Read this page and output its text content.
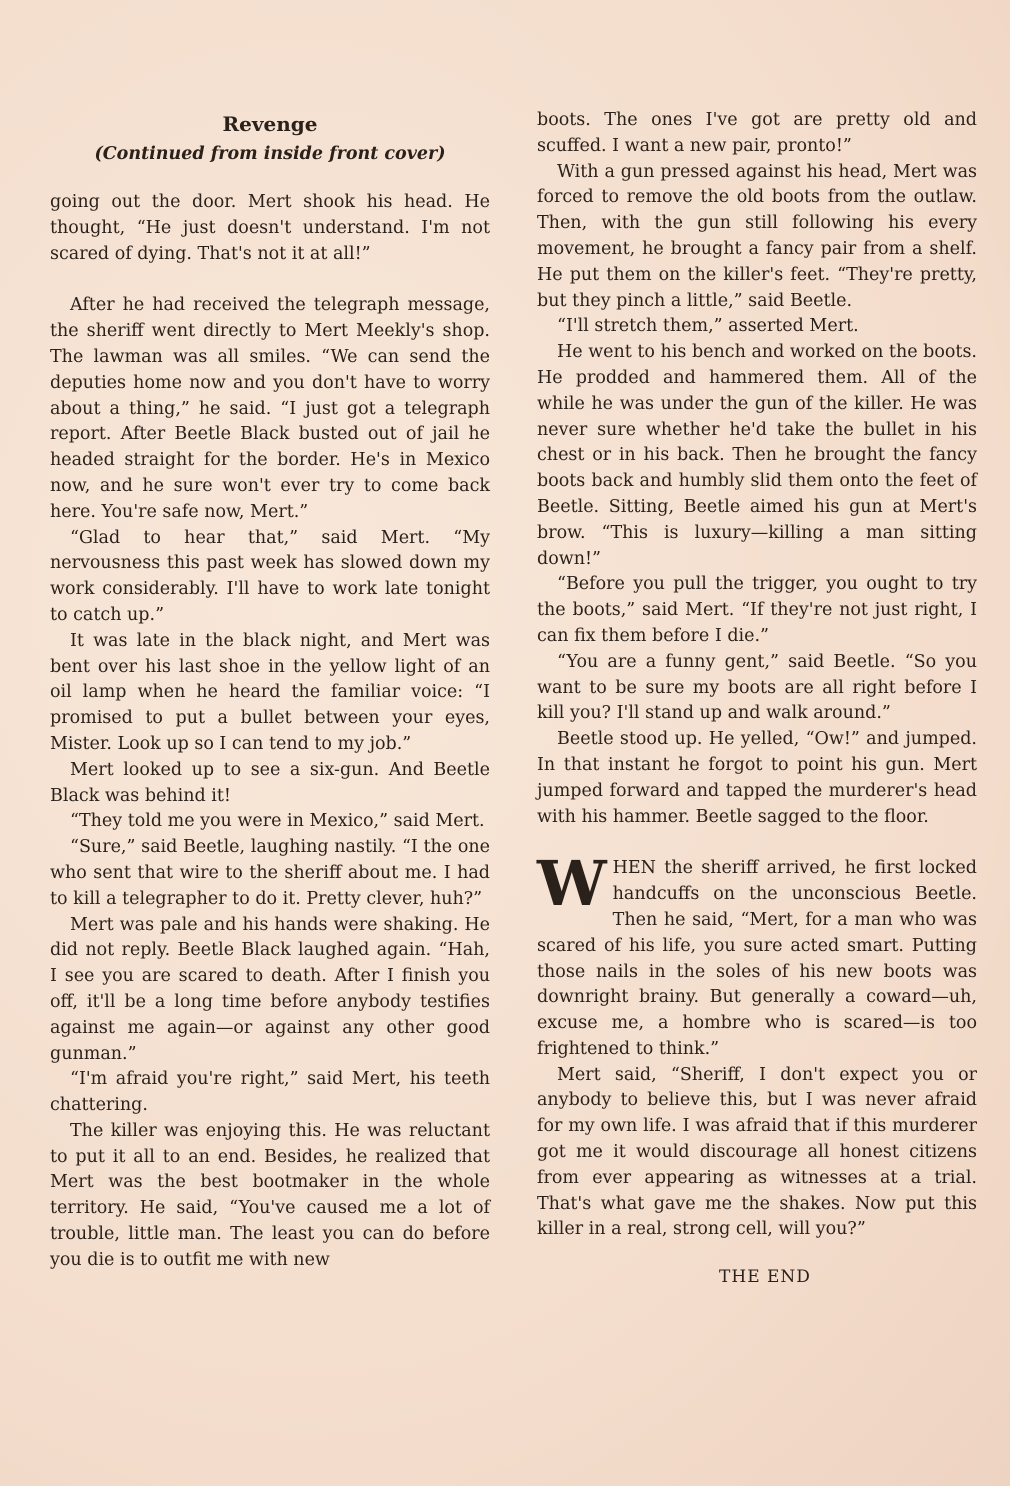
Revenge
(Continued from inside front cover)

going out the door. Mert shook his head. He thought, “He just doesn't understand. I'm not scared of dying. That's not it at all!”

After he had received the telegraph message, the sheriff went directly to Mert Meekly's shop. The lawman was all smiles. “We can send the deputies home now and you don't have to worry about a thing,” he said. “I just got a telegraph report. After Beetle Black busted out of jail he headed straight for the border. He's in Mexico now, and he sure won't ever try to come back here. You're safe now, Mert.”

“Glad to hear that,” said Mert. “My nervousness this past week has slowed down my work considerably. I'll have to work late tonight to catch up.”

It was late in the black night, and Mert was bent over his last shoe in the yellow light of an oil lamp when he heard the familiar voice: “I promised to put a bullet between your eyes, Mister. Look up so I can tend to my job.”

Mert looked up to see a six-gun. And Beetle Black was behind it!

“They told me you were in Mexico,” said Mert.

“Sure,” said Beetle, laughing nastily. “I the one who sent that wire to the sheriff about me. I had to kill a telegrapher to do it. Pretty clever, huh?”

Mert was pale and his hands were shaking. He did not reply. Beetle Black laughed again. “Hah, I see you are scared to death. After I finish you off, it'll be a long time before anybody testifies against me again—or against any other good gunman.”

“I'm afraid you're right,” said Mert, his teeth chattering.

The killer was enjoying this. He was reluctant to put it all to an end. Besides, he realized that Mert was the best bootmaker in the whole territory. He said, “You've caused me a lot of trouble, little man. The least you can do before you die is to outfit me with new

boots. The ones I've got are pretty old and scuffed. I want a new pair, pronto!”

With a gun pressed against his head, Mert was forced to remove the old boots from the outlaw. Then, with the gun still following his every movement, he brought a fancy pair from a shelf. He put them on the killer's feet. “They're pretty, but they pinch a little,” said Beetle.

“I'll stretch them,” asserted Mert.

He went to his bench and worked on the boots. He prodded and hammered them. All of the while he was under the gun of the killer. He was never sure whether he'd take the bullet in his chest or in his back. Then he brought the fancy boots back and humbly slid them onto the feet of Beetle. Sitting, Beetle aimed his gun at Mert's brow. “This is luxury—killing a man sitting down!”

“Before you pull the trigger, you ought to try the boots,” said Mert. “If they're not just right, I can fix them before I die.”

“You are a funny gent,” said Beetle. “So you want to be sure my boots are all right before I kill you? I'll stand up and walk around.”

Beetle stood up. He yelled, “Ow!” and jumped. In that instant he forgot to point his gun. Mert jumped forward and tapped the murderer's head with his hammer. Beetle sagged to the floor.

WHEN the sheriff arrived, he first locked handcuffs on the unconscious Beetle. Then he said, “Mert, for a man who was scared of his life, you sure acted smart. Putting those nails in the soles of his new boots was downright brainy. But generally a coward—uh, excuse me, a hombre who is scared—is too frightened to think.”

Mert said, “Sheriff, I don't expect you or anybody to believe this, but I was never afraid for my own life. I was afraid that if this murderer got me it would discourage all honest citizens from ever appearing as witnesses at a trial. That's what gave me the shakes. Now put this killer in a real, strong cell, will you?”

THE END
